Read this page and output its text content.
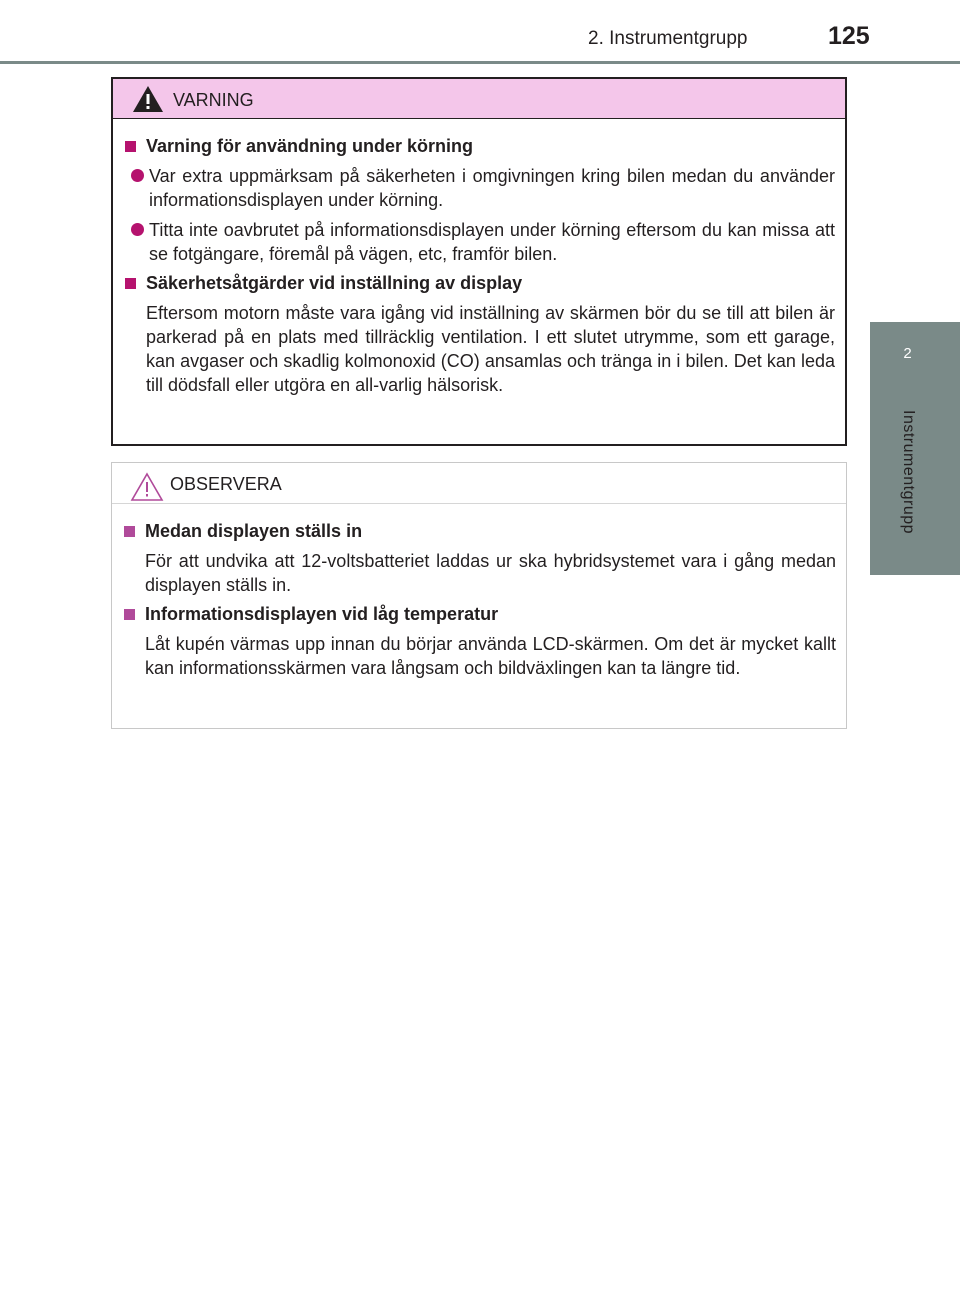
2. Instrumentgrupp	125
2
Instrumentgrupp
VARNING
Varning för användning under körning
Var extra uppmärksam på säkerheten i omgivningen kring bilen medan du använder informationsdisplayen under körning.
Titta inte oavbrutet på informationsdisplayen under körning eftersom du kan missa att se fotgängare, föremål på vägen, etc, framför bilen.
Säkerhetsåtgärder vid inställning av display
Eftersom motorn måste vara igång vid inställning av skärmen bör du se till att bilen är parkerad på en plats med tillräcklig ventilation. I ett slutet utrymme, som ett garage, kan avgaser och skadlig kolmonoxid (CO) ansamlas och tränga in i bilen. Det kan leda till dödsfall eller utgöra en all-varlig hälsorisk.
OBSERVERA
Medan displayen ställs in
För att undvika att 12-voltsbatteriet laddas ur ska hybridsystemet vara i gång medan displayen ställs in.
Informationsdisplayen vid låg temperatur
Låt kupén värmas upp innan du börjar använda LCD-skärmen. Om det är mycket kallt kan informationsskärmen vara långsam och bildväxlingen kan ta längre tid.
